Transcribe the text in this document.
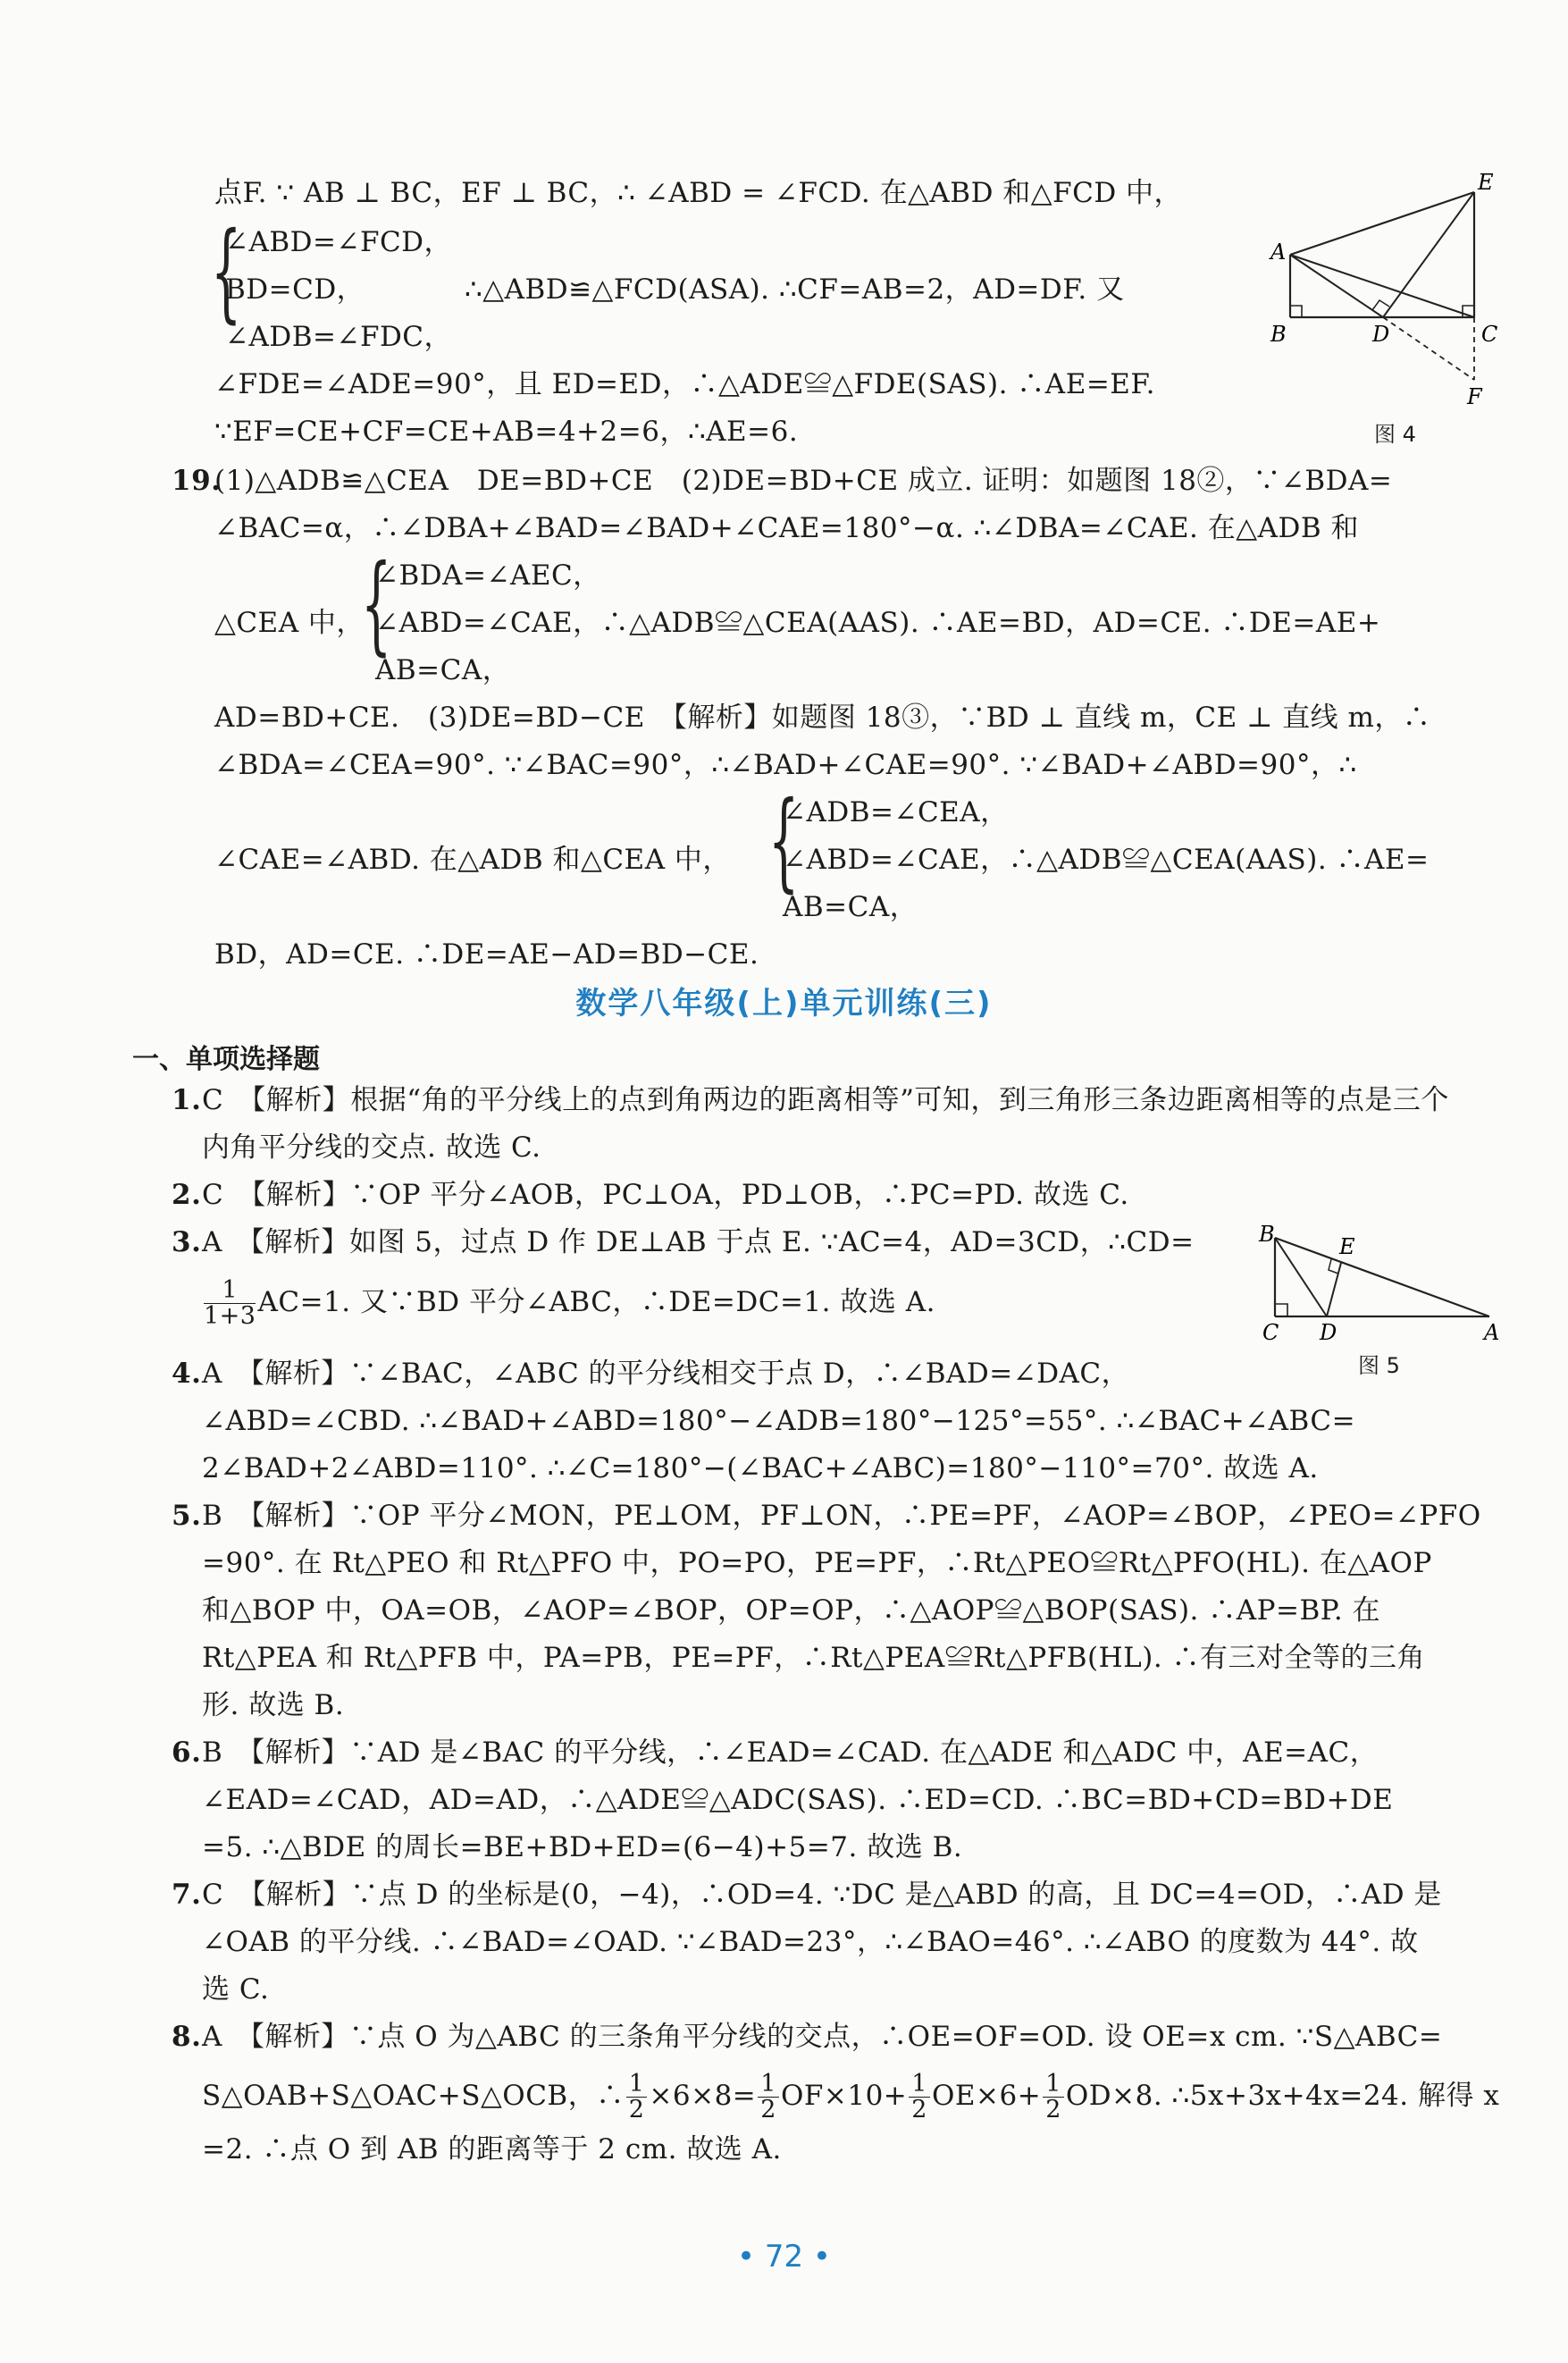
点F. ∵ AB ⊥ BC，EF ⊥ BC，∴ ∠ABD = ∠FCD. 在△ABD 和△FCD 中，
{
∠ABD=∠FCD，
BD=CD，	∴△ABD≌△FCD(ASA). ∴CF=AB=2，AD=DF. 又
∠ADB=∠FDC，
∠FDE=∠ADE=90°，且 ED=ED，∴△ADE≌△FDE(SAS). ∴AE=EF.
∵EF=CE+CF=CE+AB=4+2=6，∴AE=6.
A
B	D	C
E
F
图 4
19.
(1)△ADB≌△CEA　DE=BD+CE　(2)DE=BD+CE 成立. 证明：如题图 18②，∵∠BDA=
∠BAC=α，∴∠DBA+∠BAD=∠BAD+∠CAE=180°−α. ∴∠DBA=∠CAE. 在△ADB 和
∠BDA=∠AEC，
△CEA 中，
{
∠ABD=∠CAE，∴△ADB≌△CEA(AAS). ∴AE=BD，AD=CE. ∴DE=AE+
AB=CA，
AD=BD+CE.　(3)DE=BD−CE　【解析】如题图 18③，∵BD ⊥ 直线 m，CE ⊥ 直线 m，∴
∠BDA=∠CEA=90°. ∵∠BAC=90°，∴∠BAD+∠CAE=90°. ∵∠BAD+∠ABD=90°，∴
∠ADB=∠CEA，
∠CAE=∠ABD. 在△ADB 和△CEA 中， {
∠ABD=∠CAE，∴△ADB≌△CEA(AAS). ∴AE=
AB=CA，
BD，AD=CE. ∴DE=AE−AD=BD−CE.
数学八年级(上)单元训练(三)
一、单项选择题
1. C　【解析】根据“角的平分线上的点到角两边的距离相等”可知，到三角形三条边距离相等的点是三个
内角平分线的交点. 故选 C.
2. C　【解析】∵OP 平分∠AOB，PC⊥OA，PD⊥OB，∴PC=PD. 故选 C.
3. A　【解析】如图 5，过点 D 作 DE⊥AB 于点 E. ∵AC=4，AD=3CD，∴CD=
$\frac{1}{1+3} AC=1$. 又∵BD 平分∠ABC，∴DE=DC=1. 故选 A.
B	E
C D	A
图 5
4. A　【解析】∵∠BAC，∠ABC 的平分线相交于点 D，∴∠BAD=∠DAC，
∠ABD=∠CBD. ∴∠BAD+∠ABD=180°−∠ADB=180°−125°=55°. ∴∠BAC+∠ABC=
2∠BAD+2∠ABD=110°. ∴∠C=180°−(∠BAC+∠ABC)=180°−110°=70°. 故选 A.
5. B　【解析】∵OP 平分∠MON，PE⊥OM，PF⊥ON，∴PE=PF，∠AOP=∠BOP，∠PEO=∠PFO
=90°. 在 Rt△PEO 和 Rt△PFO 中，PO=PO，PE=PF，∴Rt△PEO≌Rt△PFO(HL). 在△AOP
和△BOP 中，OA=OB，∠AOP=∠BOP，OP=OP，∴△AOP≌△BOP(SAS). ∴AP=BP. 在
Rt△PEA 和 Rt△PFB 中，PA=PB，PE=PF，∴Rt△PEA≌Rt△PFB(HL). ∴有三对全等的三角
形. 故选 B.
6. B　【解析】∵AD 是∠BAC 的平分线，∴∠EAD=∠CAD. 在△ADE 和△ADC 中，AE=AC，
∠EAD=∠CAD，AD=AD，∴△ADE≌△ADC(SAS). ∴ED=CD. ∴BC=BD+CD=BD+DE
=5. ∴△BDE 的周长=BE+BD+ED=(6−4)+5=7. 故选 B.
7. C　【解析】∵点 D 的坐标是(0，−4)，∴OD=4. ∵DC 是△ABD 的高，且 DC=4=OD，∴AD 是
∠OAB 的平分线. ∴∠BAD=∠OAD. ∵∠BAD=23°，∴∠BAO=46°. ∴∠ABO 的度数为 44°. 故
选 C.
8. A　【解析】∵点 O 为△ABC 的三条角平分线的交点，∴OE=OF=OD. 设 OE=x cm. ∵S△ABC=
S△OAB+S△OAC+S△OCB，∴ $\frac{1}{2} \times 6\times 8= \frac{1}{2} OF\times 10+ \frac{1}{2} OE\times 6+ \frac{1}{2} OD\times 8$. ∴5x+3x+4x=24. 解得 x
=2. ∴点 O 到 AB 的距离等于 2 cm. 故选 A.
• 72 •
